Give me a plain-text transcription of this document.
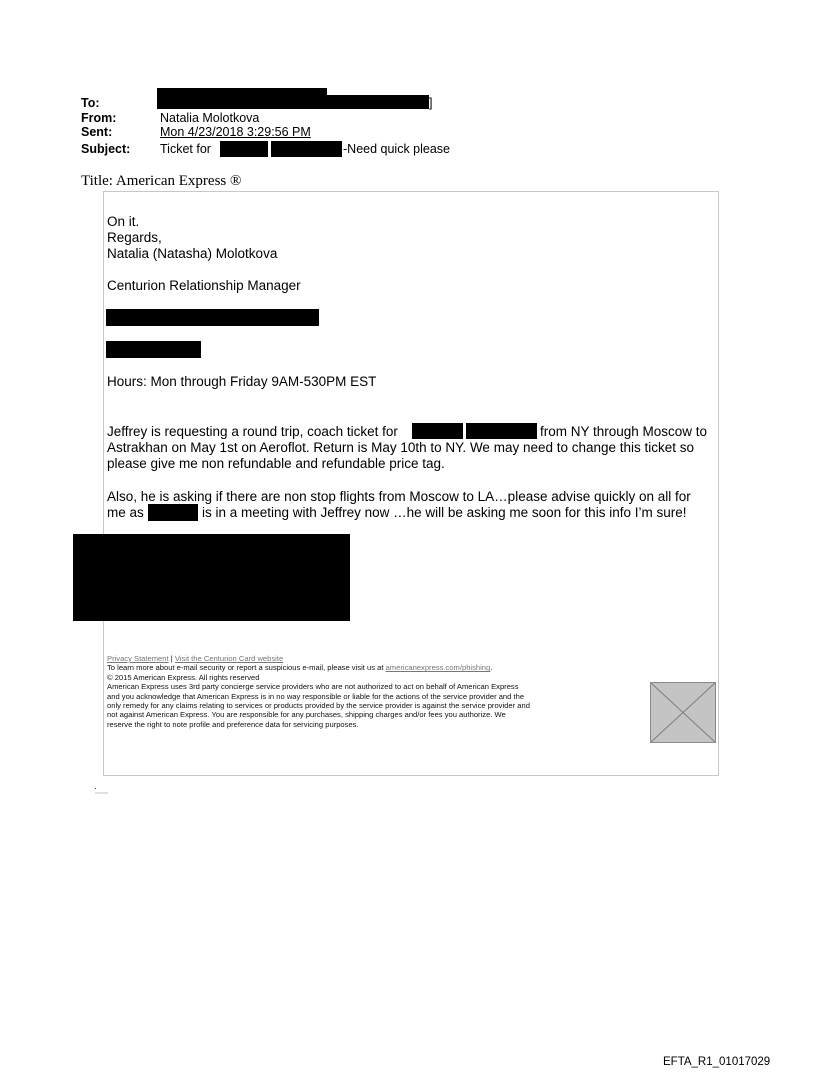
To:	]
From:	Natalia Molotkova
Sent:	Mon 4/23/2018 3:29:56 PM
Subject: Ticket for	-Need quick please
Title: American Express ®
On it.
Regards,
Natalia (Natasha) Molotkova
Centurion Relationship Manager
Hours: Mon through Friday 9AM-530PM EST
Jeffrey is requesting a round trip, coach ticket for	from NY through Moscow to
Astrakhan on May 1st on Aeroflot. Return is May 10th to NY. We may need to change this ticket so
please give me non refundable and refundable price tag.
Also, he is asking if there are non stop flights from Moscow to LA…please advise quickly on all for
me as	is in a meeting with Jeffrey now …he will be asking me soon for this info I’m sure!
Privacy Statement | Visit the Centurion Card website
To learn more about e-mail security or report a suspicious e-mail, please visit us at americanexpress.com/phishing.
© 2015 American Express. All rights reserved
American Express uses 3rd party concierge service providers who are not authorized to act on behalf of American Express
and you acknowledge that American Express is in no way responsible or liable for the actions of the service provider and the
only remedy for any claims relating to services or products provided by the service provider is against the service provider and
not against American Express. You are responsible for any purchases, shipping charges and/or fees you authorize. We
reserve the right to note profile and preference data for servicing purposes.
EFTA_R1_01017029
